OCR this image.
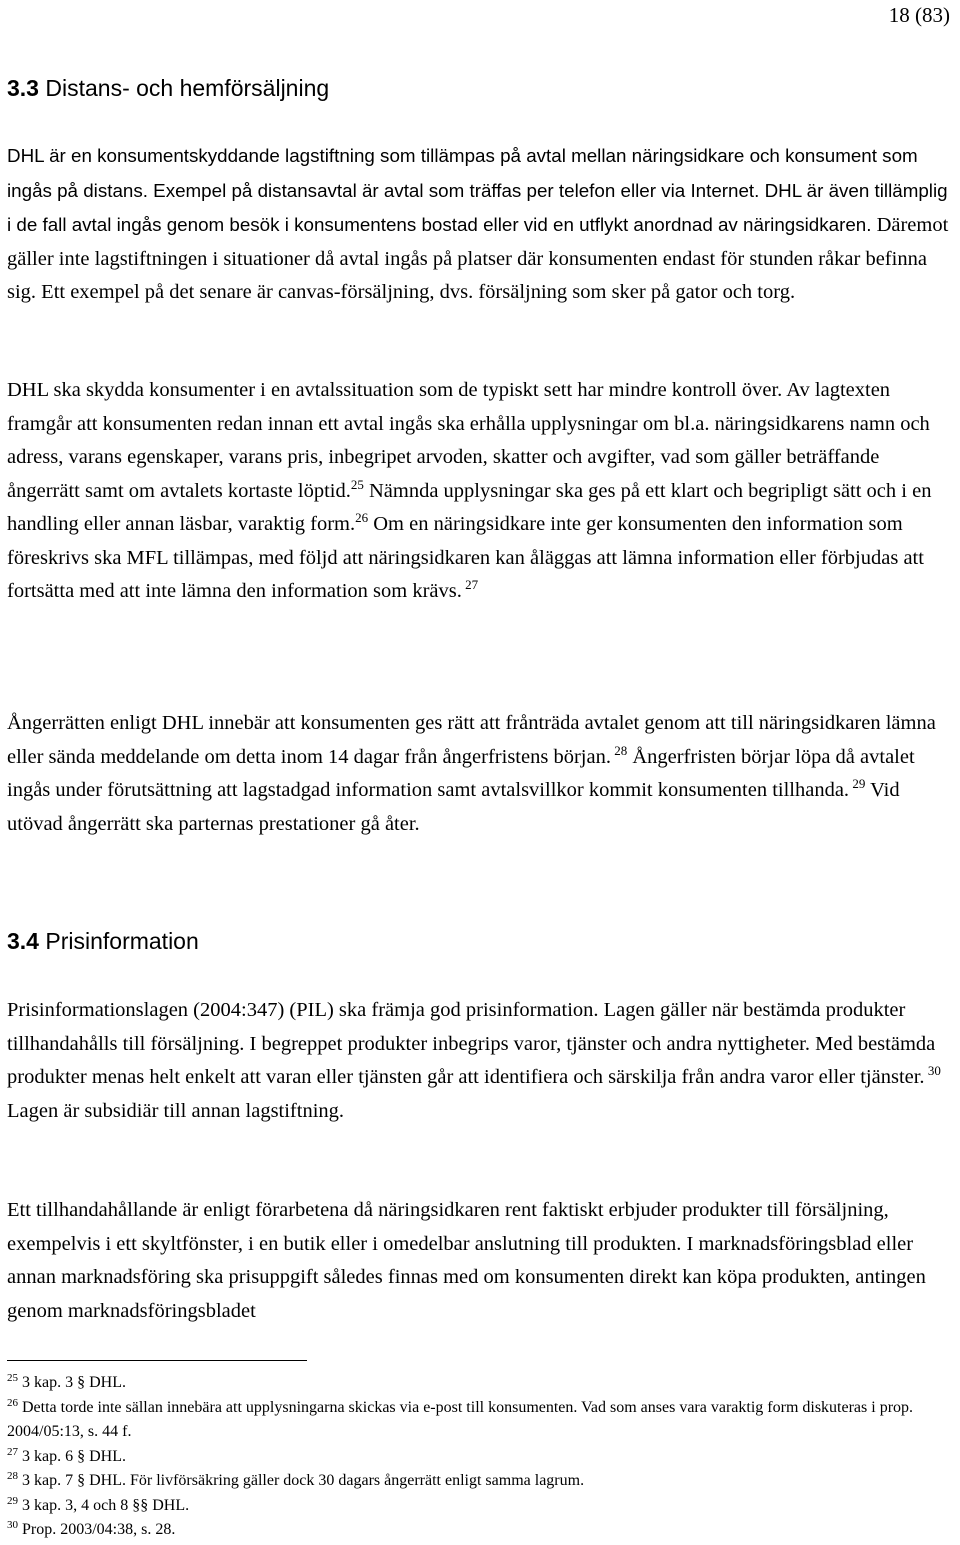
18 (83)
3.3 Distans- och hemförsäljning
DHL är en konsumentskyddande lagstiftning som tillämpas på avtal mellan näringsidkare och konsument som ingås på distans. Exempel på distansavtal är avtal som träffas per telefon eller via Internet. DHL är även tillämplig i de fall avtal ingås genom besök i konsumentens bostad eller vid en utflykt anordnad av näringsidkaren. Däremot gäller inte lagstiftningen i situationer då avtal ingås på platser där konsumenten endast för stunden råkar befinna sig. Ett exempel på det senare är canvas-försäljning, dvs. försäljning som sker på gator och torg.
DHL ska skydda konsumenter i en avtalssituation som de typiskt sett har mindre kontroll över. Av lagtexten framgår att konsumenten redan innan ett avtal ingås ska erhålla upplysningar om bl.a. näringsidkarens namn och adress, varans egenskaper, varans pris, inbegripet arvoden, skatter och avgifter, vad som gäller beträffande ångerrätt samt om avtalets kortaste löptid.$^{25}$ Nämnda upplysningar ska ges på ett klart och begripligt sätt och i en handling eller annan läsbar, varaktig form.$^{26}$ Om en näringsidkare inte ger konsumenten den information som föreskrivs ska MFL tillämpas, med följd att näringsidkaren kan åläggas att lämna information eller förbjudas att fortsätta med att inte lämna den information som krävs. $^{27}$
Ångerrätten enligt DHL innebär att konsumenten ges rätt att frånträda avtalet genom att till näringsidkaren lämna eller sända meddelande om detta inom 14 dagar från ångerfristens början. $^{28}$ Ångerfristen börjar löpa då avtalet ingås under förutsättning att lagstadgad information samt avtalsvillkor kommit konsumenten tillhanda. $^{29}$ Vid utövad ångerrätt ska parternas prestationer gå åter.
3.4 Prisinformation
Prisinformationslagen (2004:347) (PIL) ska främja god prisinformation. Lagen gäller när bestämda produkter tillhandahålls till försäljning. I begreppet produkter inbegrips varor, tjänster och andra nyttigheter. Med bestämda produkter menas helt enkelt att varan eller tjänsten går att identifiera och särskilja från andra varor eller tjänster. $^{30}$ Lagen är subsidiär till annan lagstiftning.
Ett tillhandahållande är enligt förarbetena då näringsidkaren rent faktiskt erbjuder produkter till försäljning, exempelvis i ett skyltfönster, i en butik eller i omedelbar anslutning till produkten. I marknadsföringsblad eller annan marknadsföring ska prisuppgift således finnas med om konsumenten direkt kan köpa produkten, antingen genom marknadsföringsbladet
$^{25}$ 3 kap. 3 § DHL.
$^{26}$ Detta torde inte sällan innebära att upplysningarna skickas via e-post till konsumenten. Vad som anses vara varaktig form diskuteras i prop. 2004/05:13, s. 44 f.
$^{27}$ 3 kap. 6 § DHL.
$^{28}$ 3 kap. 7 § DHL. För livförsäkring gäller dock 30 dagars ångerrätt enligt samma lagrum.
$^{29}$ 3 kap. 3, 4 och 8 §§ DHL.
$^{30}$ Prop. 2003/04:38, s. 28.
